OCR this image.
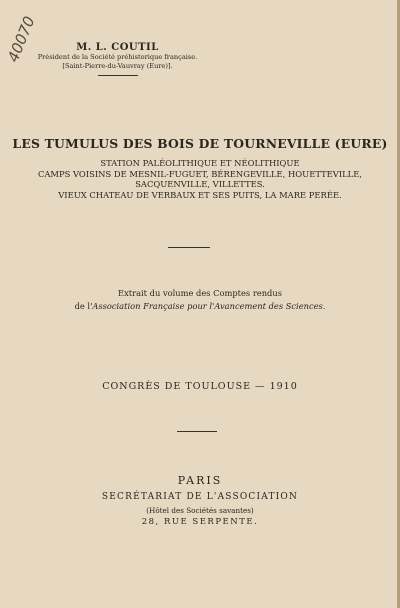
40070	M. L. COUTIL
Président de la Société préhistorique française.
[Saint-Pierre-du-Vauvray (Eure)].
LES TUMULUS DES BOIS DE TOURNEVILLE (EURE)
STATION PALÉOLITHIQUE ET NÉOLITHIQUE
CAMPS VOISINS DE MESNIL-FUGUET, BÉRENGEVILLE, HOUETTEVILLE,
SACQUENVILLE, VILLETTES.
VIEUX CHATEAU DE VERBAUX ET SES PUITS, LA MARE PERÉE.
Extrait du volume des Comptes rendus
de l'Association Française pour l'Avancement des Sciences.
CONGRÈS DE TOULOUSE — 1910
PARIS
SECRÉTARIAT DE L'ASSOCIATION
(Hôtel des Sociétés savantes)
28, RUE SERPENTE.
